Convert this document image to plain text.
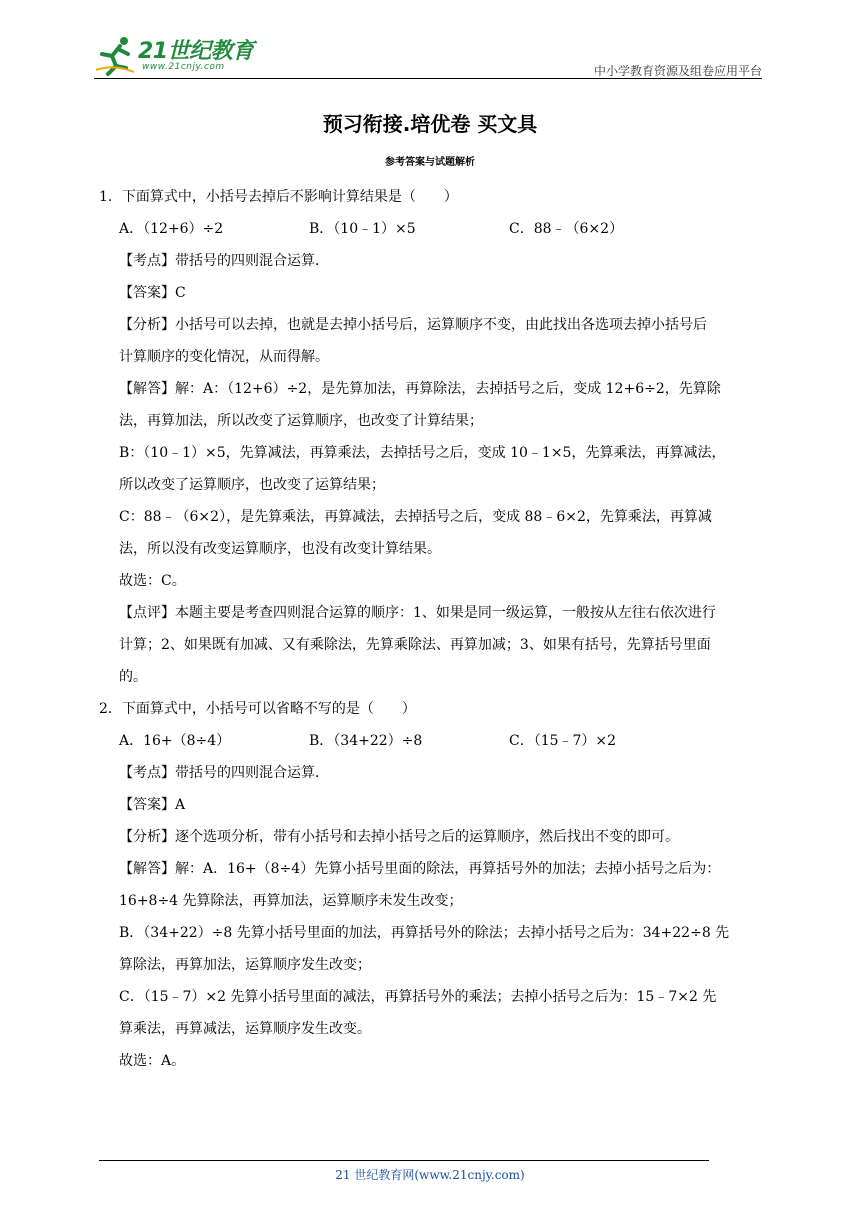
21世纪教育
www.21cnjy.com	中小学教育资源及组卷应用平台
预习衔接.培优卷 买文具
参考答案与试题解析
1．下面算式中，小括号去掉后不影响计算结果是（　　）
A．（12+6）÷2	B．（10﹣1）×5	C．88﹣（6×2）
【考点】带括号的四则混合运算．
【答案】C
【分析】小括号可以去掉，也就是去掉小括号后，运算顺序不变，由此找出各选项去掉小括号后
计算顺序的变化情况，从而得解。
【解答】解：A：（12+6）÷2，是先算加法，再算除法，去掉括号之后，变成 12+6÷2，先算除
法，再算加法，所以改变了运算顺序，也改变了计算结果；
B：（10﹣1）×5，先算减法，再算乘法，去掉括号之后，变成 10﹣1×5，先算乘法，再算减法，
所以改变了运算顺序，也改变了运算结果；
C：88﹣（6×2），是先算乘法，再算减法，去掉括号之后，变成 88﹣6×2，先算乘法，再算减
法，所以没有改变运算顺序，也没有改变计算结果。
故选：C。
【点评】本题主要是考查四则混合运算的顺序：1、如果是同一级运算，一般按从左往右依次进行
计算；2、如果既有加减、又有乘除法，先算乘除法、再算加减；3、如果有括号，先算括号里面
的。
2．下面算式中，小括号可以省略不写的是（　　）
A．16+（8÷4）	B．（34+22）÷8	C．（15﹣7）×2
【考点】带括号的四则混合运算．
【答案】A
【分析】逐个选项分析，带有小括号和去掉小括号之后的运算顺序，然后找出不变的即可。
【解答】解：A．16+（8÷4）先算小括号里面的除法，再算括号外的加法；去掉小括号之后为：
16+8÷4 先算除法，再算加法，运算顺序未发生改变；
B．（34+22）÷8 先算小括号里面的加法，再算括号外的除法；去掉小括号之后为：34+22÷8 先
算除法，再算加法，运算顺序发生改变；
C．（15﹣7）×2 先算小括号里面的减法，再算括号外的乘法；去掉小括号之后为：15﹣7×2 先
算乘法，再算减法，运算顺序发生改变。
故选：A。
21 世纪教育网(www.21cnjy.com)
